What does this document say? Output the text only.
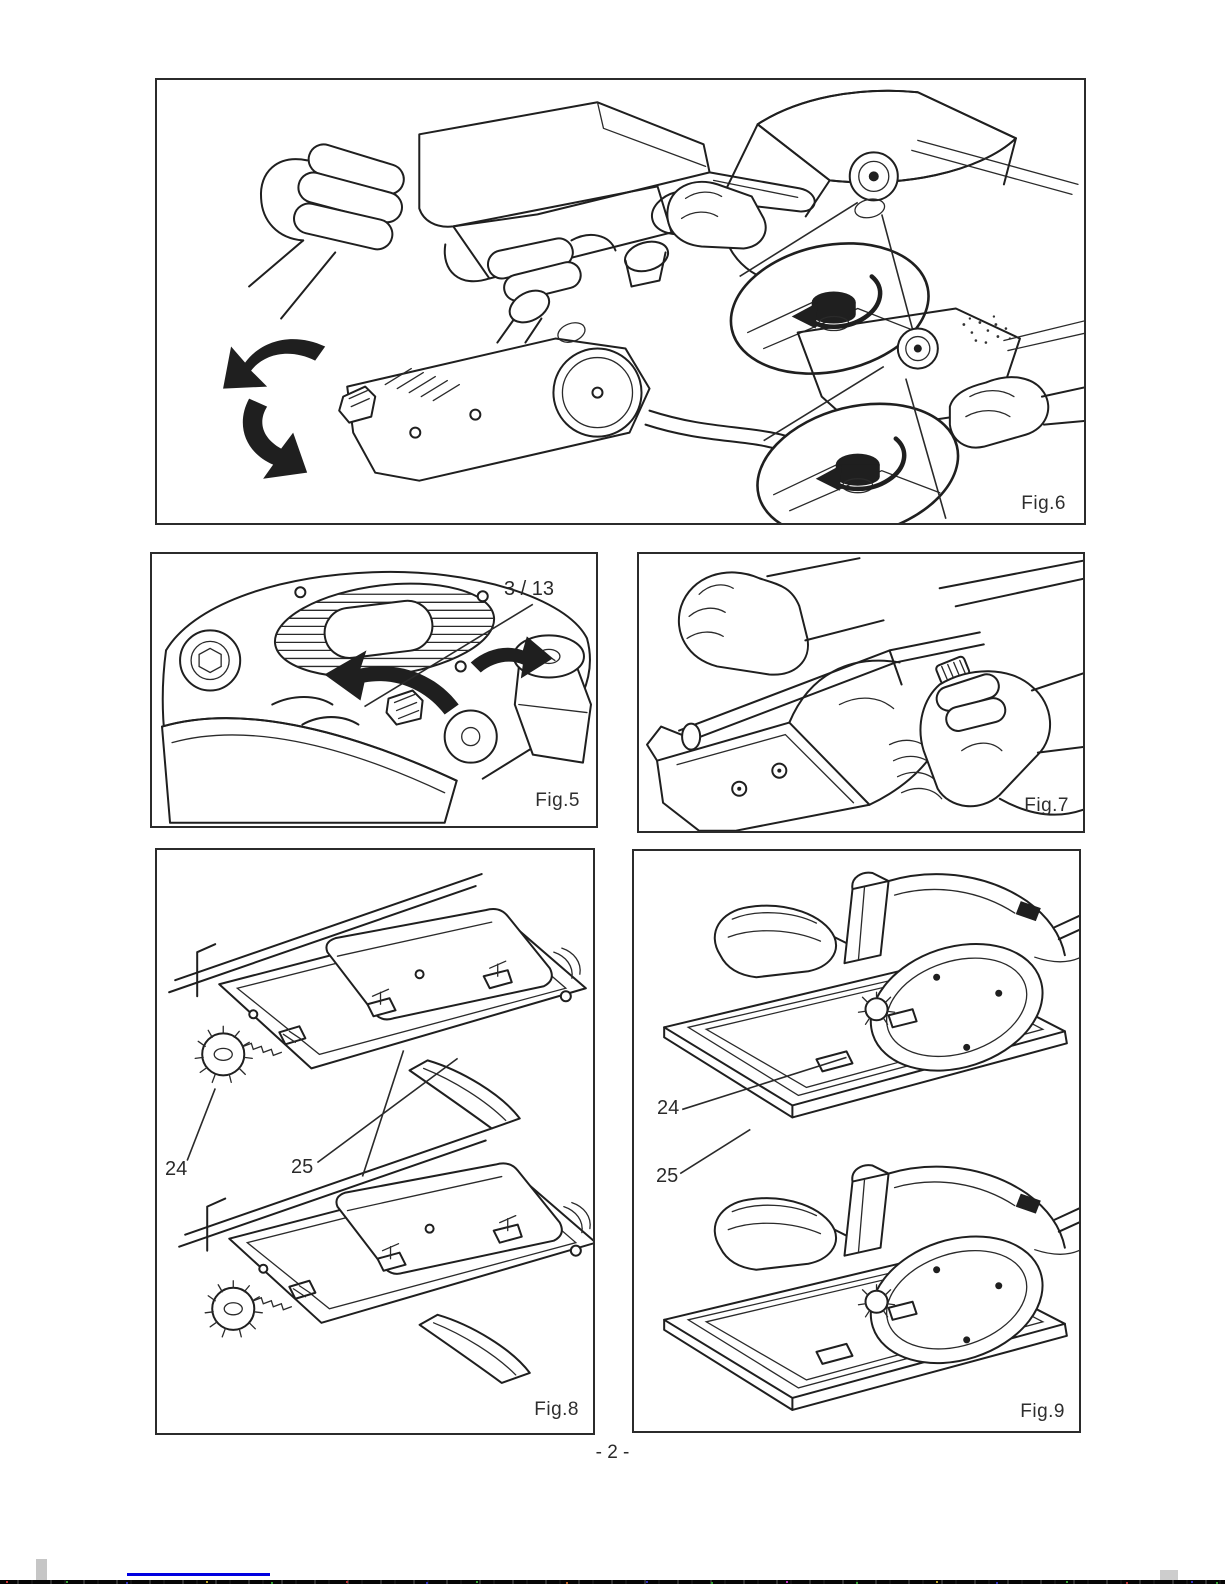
Fig.6
3 / 13
Fig.5	Fig.7
24	25
Fig.8
24
25
Fig.9
- 2 -
